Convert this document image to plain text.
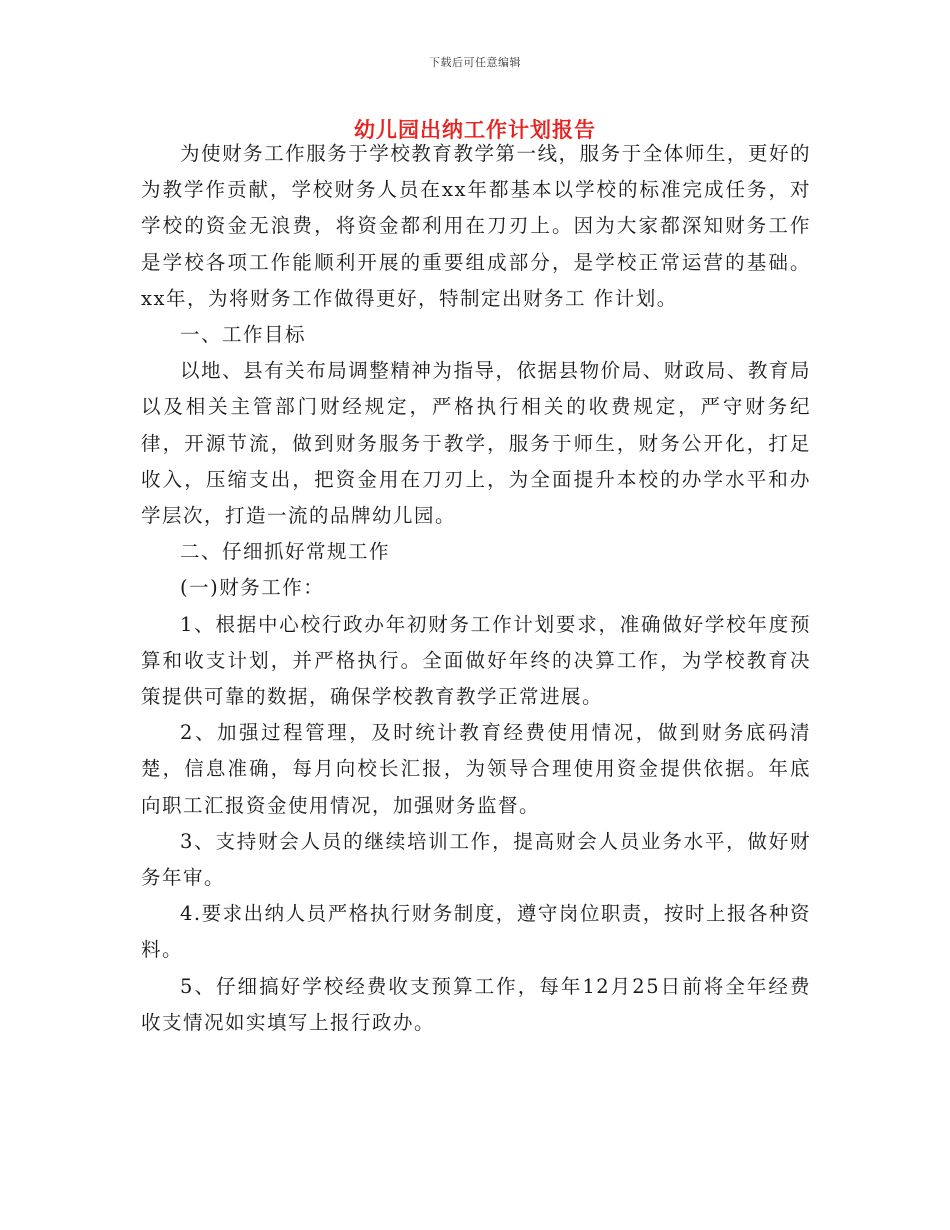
下载后可任意编辑
幼儿园出纳工作计划报告

为使财务工作服务于学校教育教学第一线，服务于全体师生，更好的为教学作贡献，学校财务人员在xx年都基本以学校的标准完成任务，对学校的资金无浪费，将资金都利用在刀刃上。因为大家都深知财务工作是学校各项工作能顺利开展的重要组成部分，是学校正常运营的基础。xx年，为将财务工作做得更好，特制定出财务工 作计划。

一、工作目标

以地、县有关布局调整精神为指导，依据县物价局、财政局、教育局以及相关主管部门财经规定，严格执行相关的收费规定，严守财务纪律，开源节流，做到财务服务于教学，服务于师生，财务公开化，打足收入，压缩支出，把资金用在刀刃上，为全面提升本校的办学水平和办学层次，打造一流的品牌幼儿园。

二、仔细抓好常规工作

(一)财务工作：

1、根据中心校行政办年初财务工作计划要求，准确做好学校年度预算和收支计划，并严格执行。全面做好年终的决算工作，为学校教育决策提供可靠的数据，确保学校教育教学正常进展。

2、加强过程管理，及时统计教育经费使用情况，做到财务底码清楚，信息准确，每月向校长汇报，为领导合理使用资金提供依据。年底向职工汇报资金使用情况，加强财务监督。

3、支持财会人员的继续培训工作，提高财会人员业务水平，做好财务年审。

4.要求出纳人员严格执行财务制度，遵守岗位职责，按时上报各种资料。

5、仔细搞好学校经费收支预算工作，每年12月25日前将全年经费收支情况如实填写上报行政办。
